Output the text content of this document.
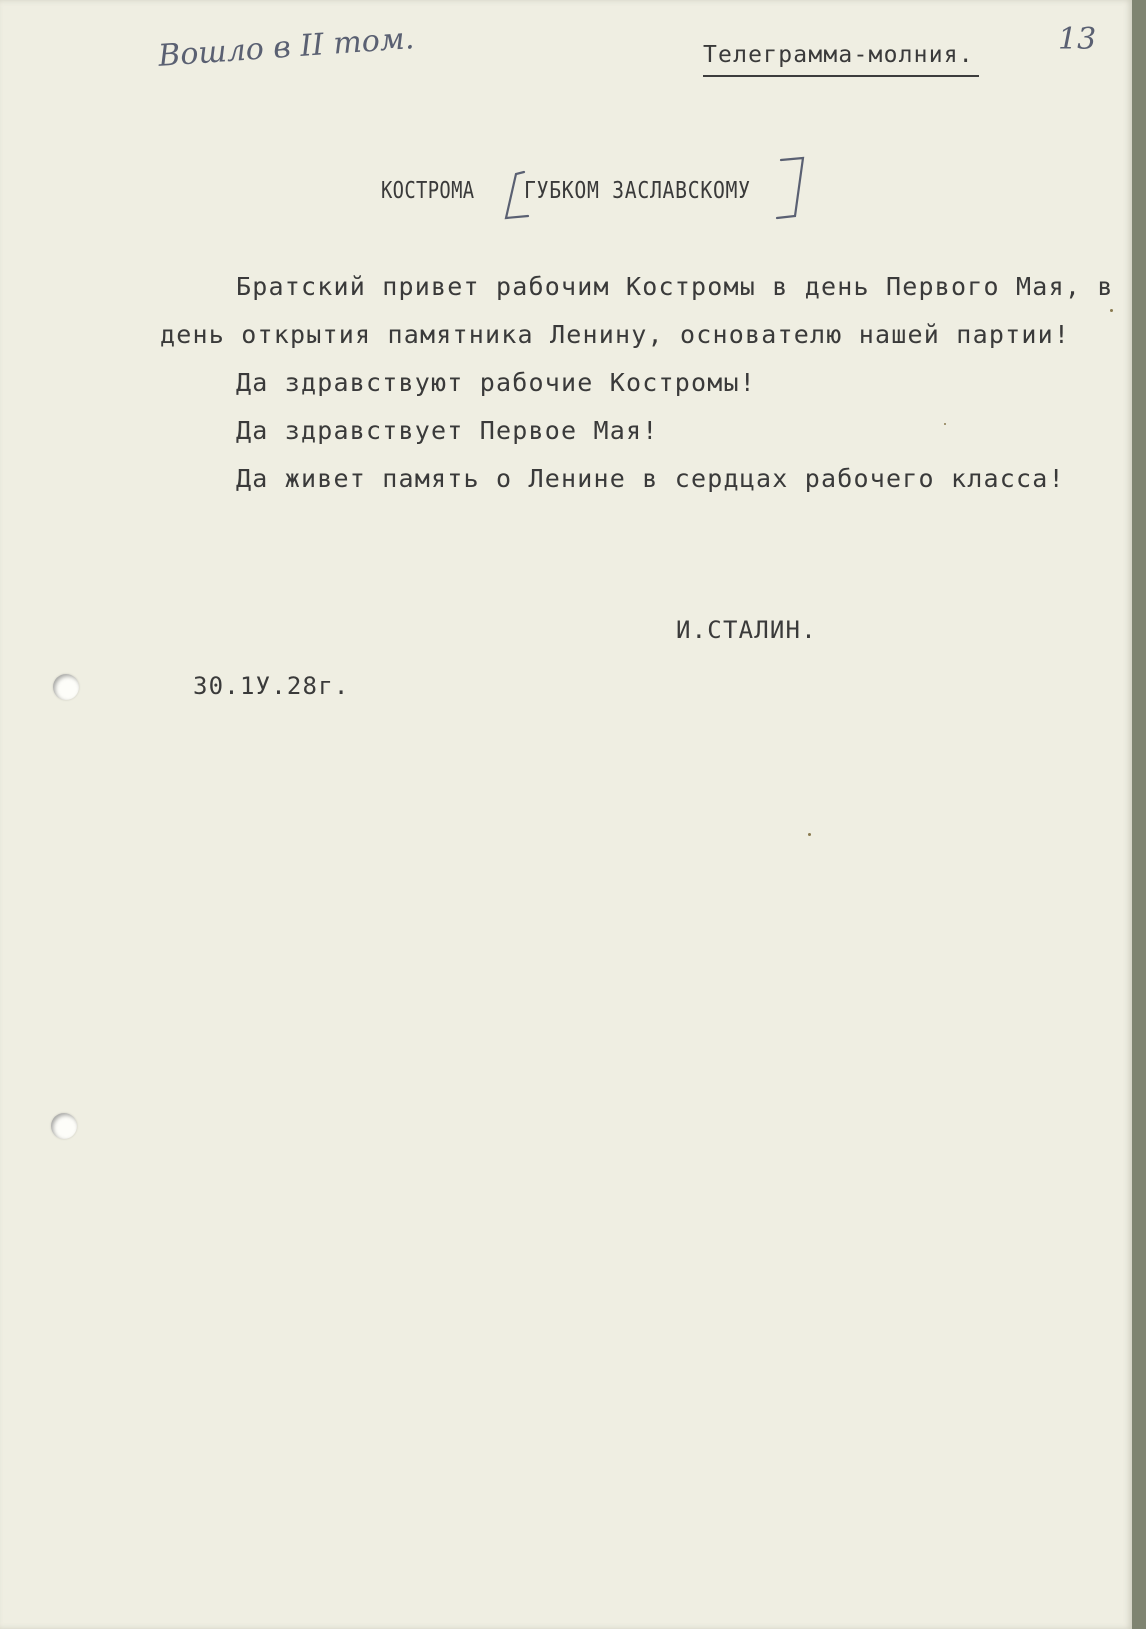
Вошло в II том.	13
Телеграмма-молния.
КОСТРОМА ГУБКОМ ЗАСЛАВСКОМУ
Братский привет рабочим Костромы в день Первого Мая, в
день открытия памятника Ленину, основателю нашей партии!
Да здравствуют рабочие Костромы!
Да здравствует Первое Мая!
Да живет память о Ленине в сердцах рабочего класса!
И.СТАЛИН.
30.1У.28г.
